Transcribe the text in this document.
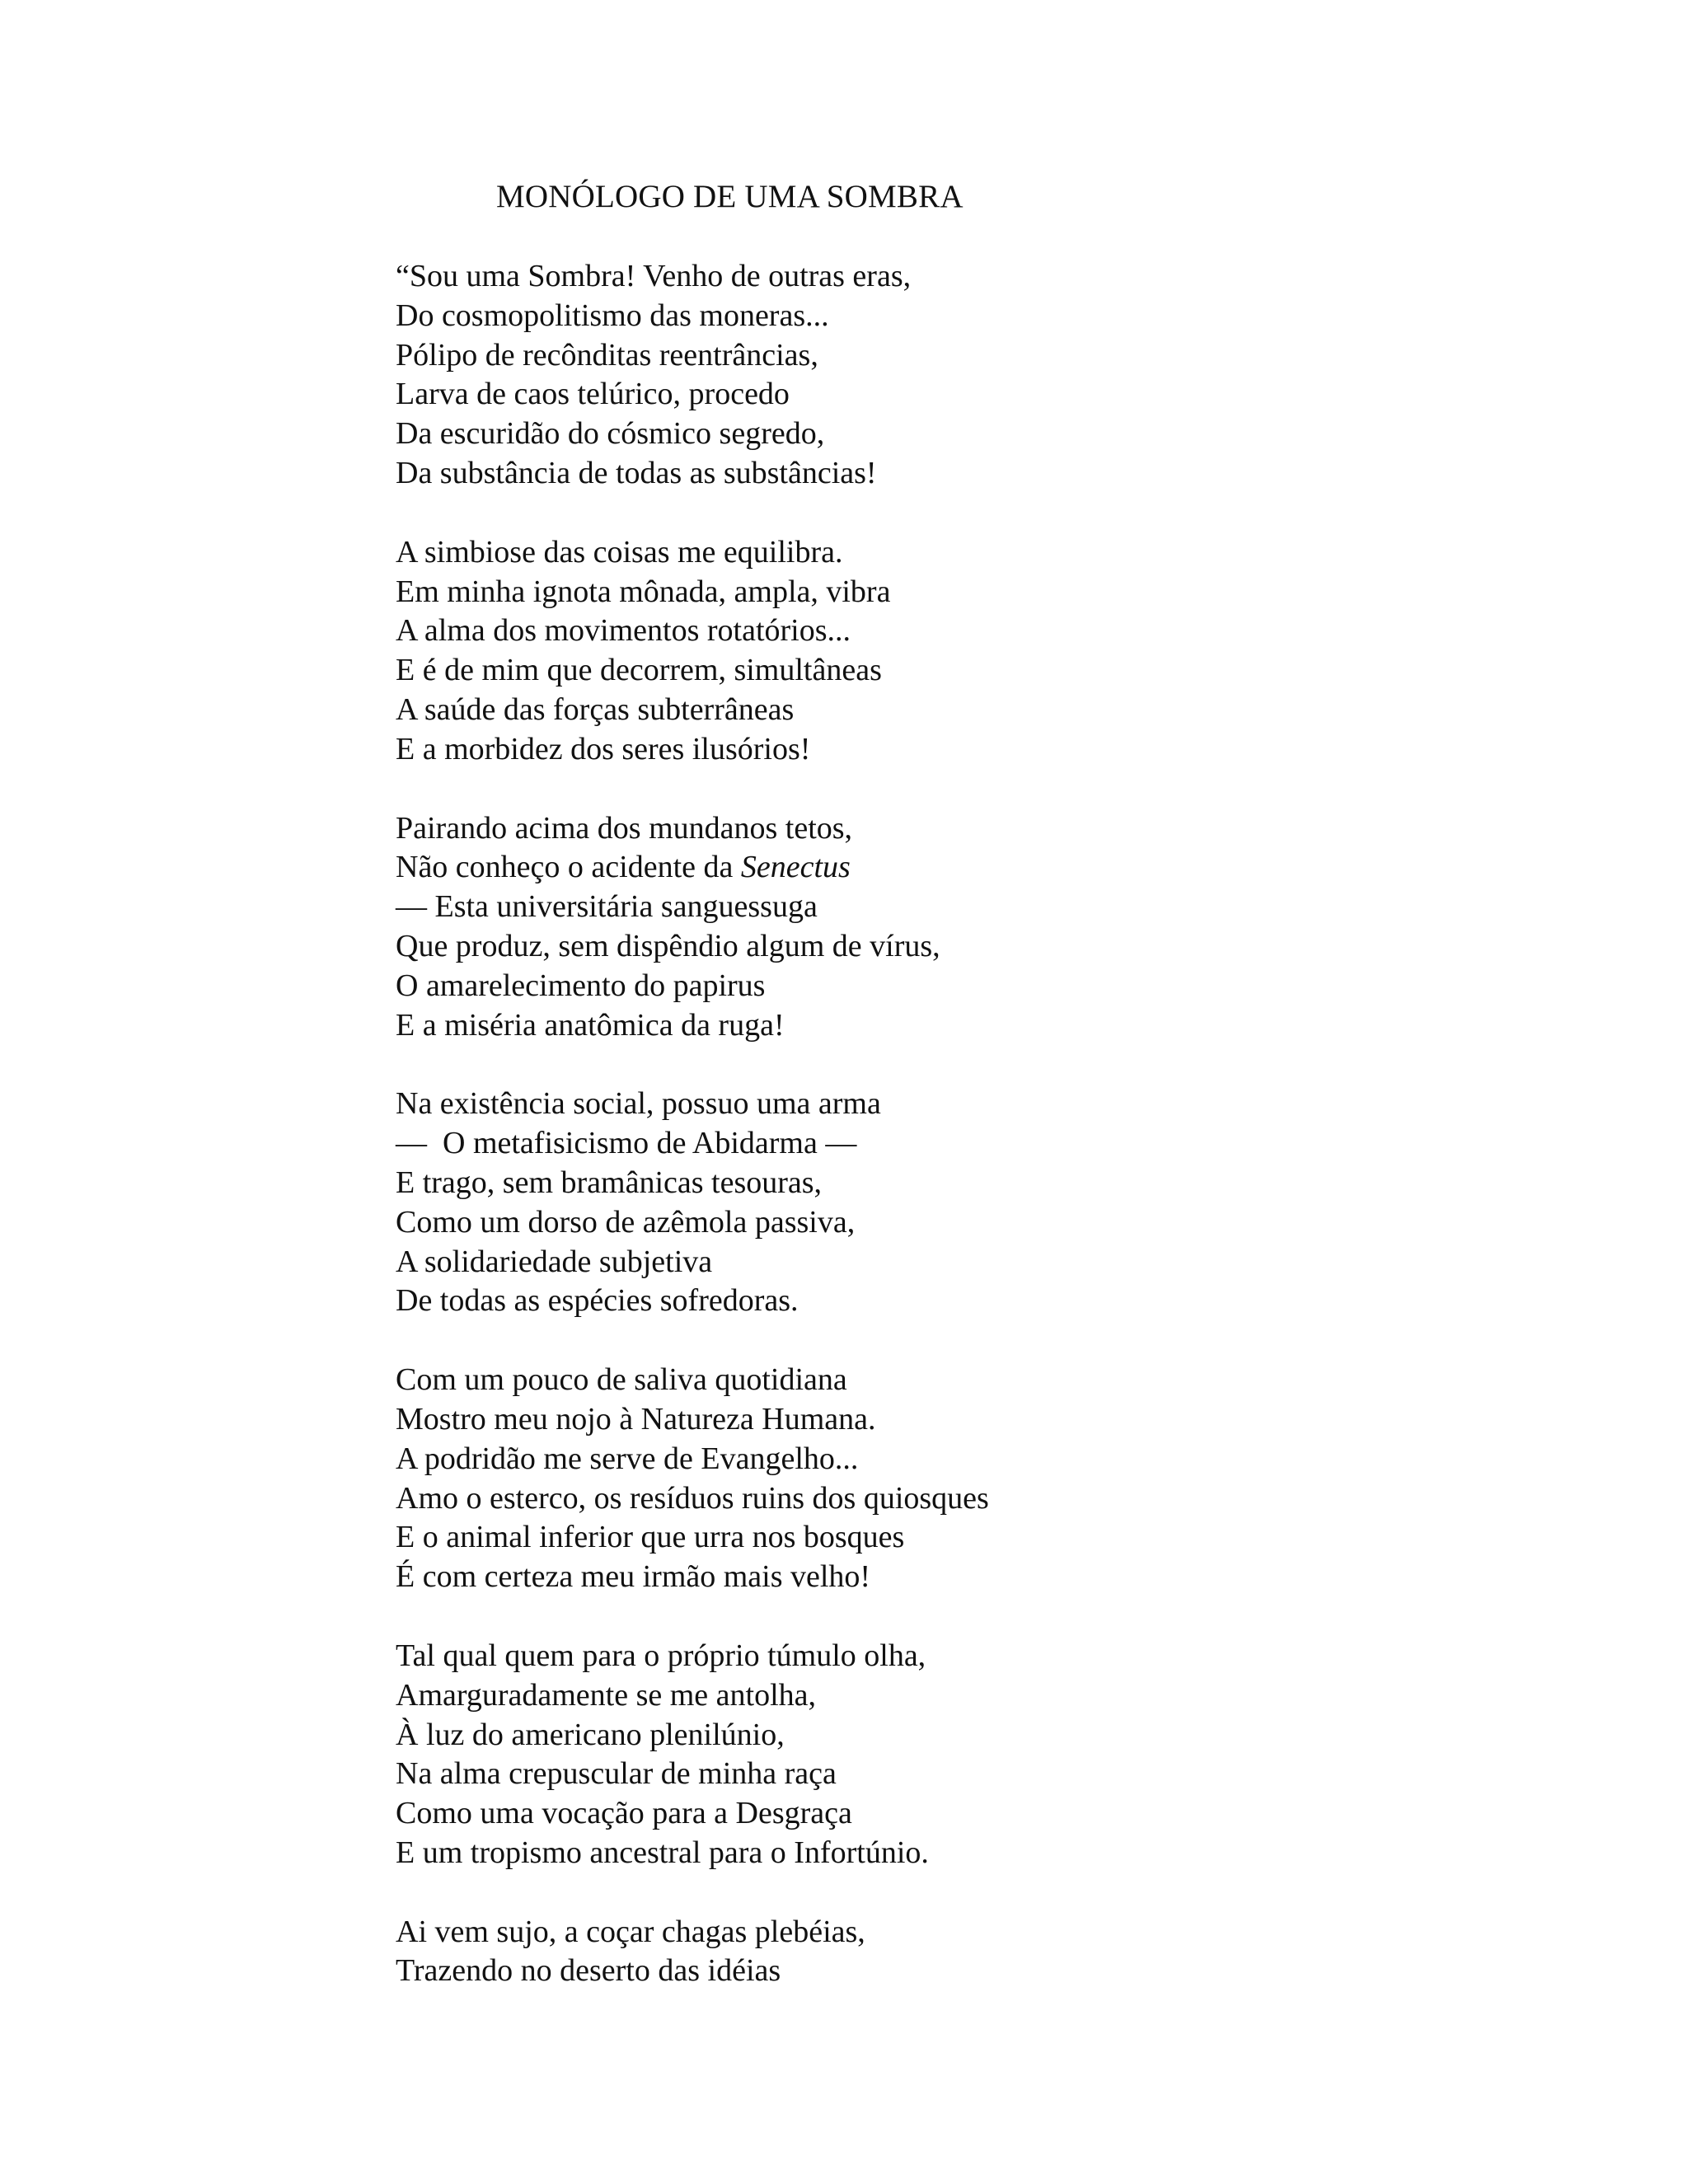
MONÓLOGO DE UMA SOMBRA
“Sou uma Sombra! Venho de outras eras,
Do cosmopolitismo das moneras...
Pólipo de recônditas reentrâncias,
Larva de caos telúrico, procedo
Da escuridão do cósmico segredo,
Da substância de todas as substâncias!
A simbiose das coisas me equilibra.
Em minha ignota mônada, ampla, vibra
A alma dos movimentos rotatórios...
E é de mim que decorrem, simultâneas
A saúde das forças subterrâneas
E a morbidez dos seres ilusórios!
Pairando acima dos mundanos tetos,
Não conheço o acidente da Senectus
— Esta universitária sanguessuga
Que produz, sem dispêndio algum de vírus,
O amarelecimento do papirus
E a miséria anatômica da ruga!
Na existência social, possuo uma arma
—  O metafisicismo de Abidarma —
E trago, sem bramânicas tesouras,
Como um dorso de azêmola passiva,
A solidariedade subjetiva
De todas as espécies sofredoras.
Com um pouco de saliva quotidiana
Mostro meu nojo à Natureza Humana.
A podridão me serve de Evangelho...
Amo o esterco, os resíduos ruins dos quiosques
E o animal inferior que urra nos bosques
É com certeza meu irmão mais velho!
Tal qual quem para o próprio túmulo olha,
Amarguradamente se me antolha,
À luz do americano plenilúnio,
Na alma crepuscular de minha raça
Como uma vocação para a Desgraça
E um tropismo ancestral para o Infortúnio.
Ai vem sujo, a coçar chagas plebéias,
Trazendo no deserto das idéias
